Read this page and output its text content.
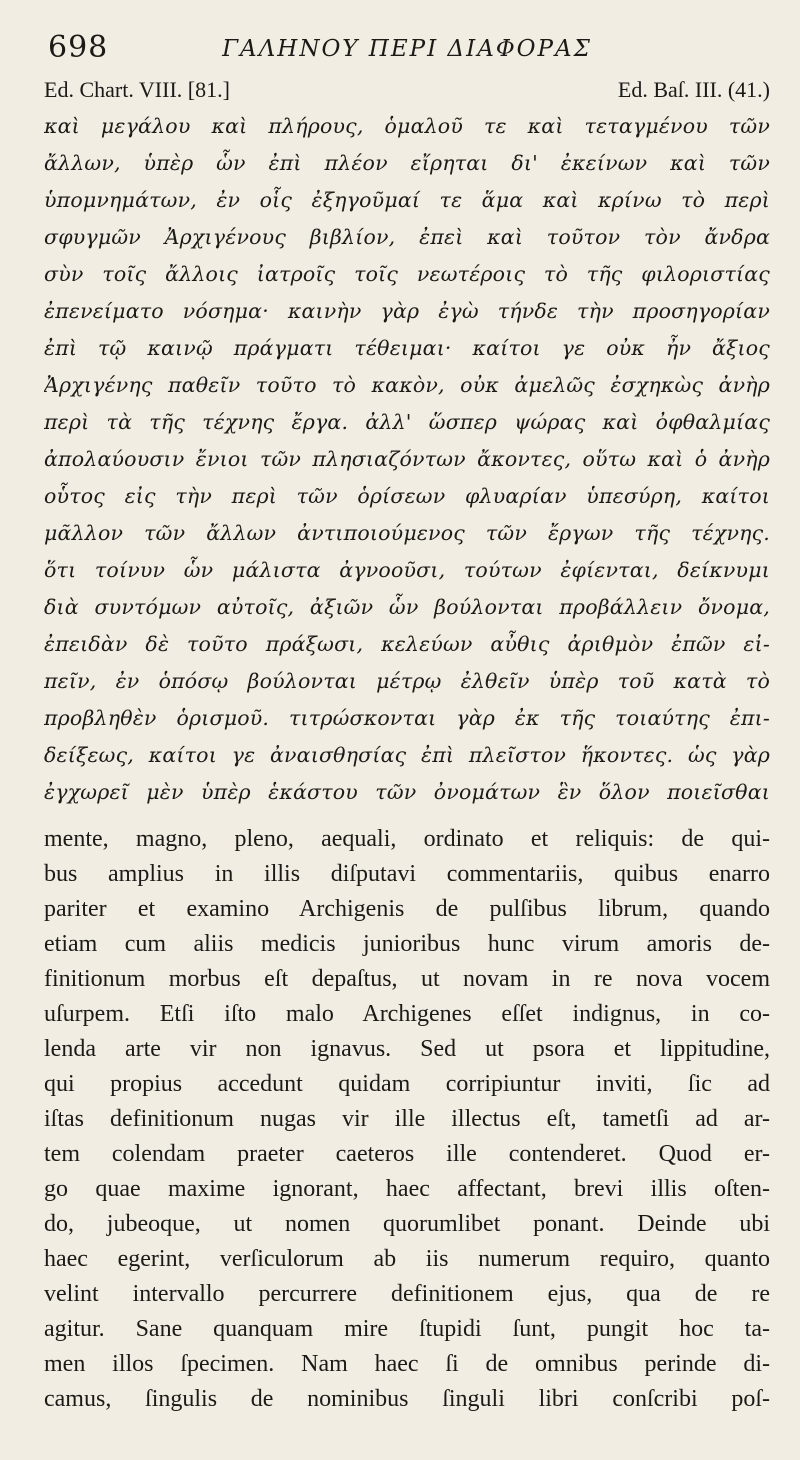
698	ΓΑΛΗΝΟΥ ΠΕΡΙ ΔΙΑΦΟΡΑΣ
Ed. Chart. VIII. [81.]	Ed. Baſ. III. (41.)
καὶ μεγάλου καὶ πλήρους, ὁμαλοῦ τε καὶ τεταγμένου τῶν
ἄλλων, ὑπὲρ ὧν ἐπὶ πλέον εἴρηται δι' ἐκείνων καὶ τῶν
ὑπομνημάτων, ἐν οἷς ἐξηγοῦμαί τε ἅμα καὶ κρίνω τὸ περὶ
σφυγμῶν Ἀρχιγένους βιβλίον, ἐπεὶ καὶ τοῦτον τὸν ἄνδρα
σὺν τοῖς ἄλλοις ἰατροῖς τοῖς νεωτέροις τὸ τῆς φιλοριστίας
ἐπενείματο νόσημα· καινὴν γὰρ ἐγὼ τήνδε τὴν προσηγορίαν
ἐπὶ τῷ καινῷ πράγματι τέθειμαι· καίτοι γε οὐκ ἦν ἄξιος
Ἀρχιγένης παθεῖν τοῦτο τὸ κακὸν, οὐκ ἀμελῶς ἐσχηκὼς ἀνὴρ
περὶ τὰ τῆς τέχνης ἔργα. ἀλλ' ὥσπερ ψώρας καὶ ὀφθαλμίας
ἀπολαύουσιν ἔνιοι τῶν πλησιαζόντων ἄκοντες, οὕτω καὶ ὁ ἀνὴρ
οὗτος εἰς τὴν περὶ τῶν ὁρίσεων φλυαρίαν ὑπεσύρη, καίτοι
μᾶλλον τῶν ἄλλων ἀντιποιούμενος τῶν ἔργων τῆς τέχνης.
ὅτι τοίνυν ὧν μάλιστα ἀγνοοῦσι, τούτων ἐφίενται, δείκνυμι
διὰ συντόμων αὐτοῖς, ἀξιῶν ὧν βούλονται προβάλλειν ὄνομα,
ἐπειδὰν δὲ τοῦτο πράξωσι, κελεύων αὖθις ἀριθμὸν ἐπῶν εἰ-
πεῖν, ἐν ὁπόσῳ βούλονται μέτρῳ ἐλθεῖν ὑπὲρ τοῦ κατὰ τὸ
προβληθὲν ὁρισμοῦ. τιτρώσκονται γὰρ ἐκ τῆς τοιαύτης ἐπι-
δείξεως, καίτοι γε ἀναισθησίας ἐπὶ πλεῖστον ἥκοντες. ὡς γὰρ
ἐγχωρεῖ μὲν ὑπὲρ ἑκάστου τῶν ὀνομάτων ἓν ὅλον ποιεῖσθαι
mente, magno, pleno, aequali, ordinato et reliquis: de qui-
bus amplius in illis diſputavi commentariis, quibus enarro
pariter et examino Archigenis de pulſibus librum, quando
etiam cum aliis medicis junioribus hunc virum amoris de-
finitionum morbus eſt depaſtus, ut novam in re nova vocem
uſurpem. Etſi iſto malo Archigenes eſſet indignus, in co-
lenda arte vir non ignavus. Sed ut psora et lippitudine,
qui propius accedunt quidam corripiuntur inviti, ſic ad
iſtas definitionum nugas vir ille illectus eſt, tametſi ad ar-
tem colendam praeter caeteros ille contenderet. Quod er-
go quae maxime ignorant, haec affectant, brevi illis oſten-
do, jubeoque, ut nomen quorumlibet ponant. Deinde ubi
haec egerint, verſiculorum ab iis numerum requiro, quanto
velint intervallo percurrere definitionem ejus, qua de re
agitur. Sane quanquam mire ſtupidi ſunt, pungit hoc ta-
men illos ſpecimen. Nam haec ſi de omnibus perinde di-
camus, ſingulis de nominibus ſinguli libri conſcribi poſ-
